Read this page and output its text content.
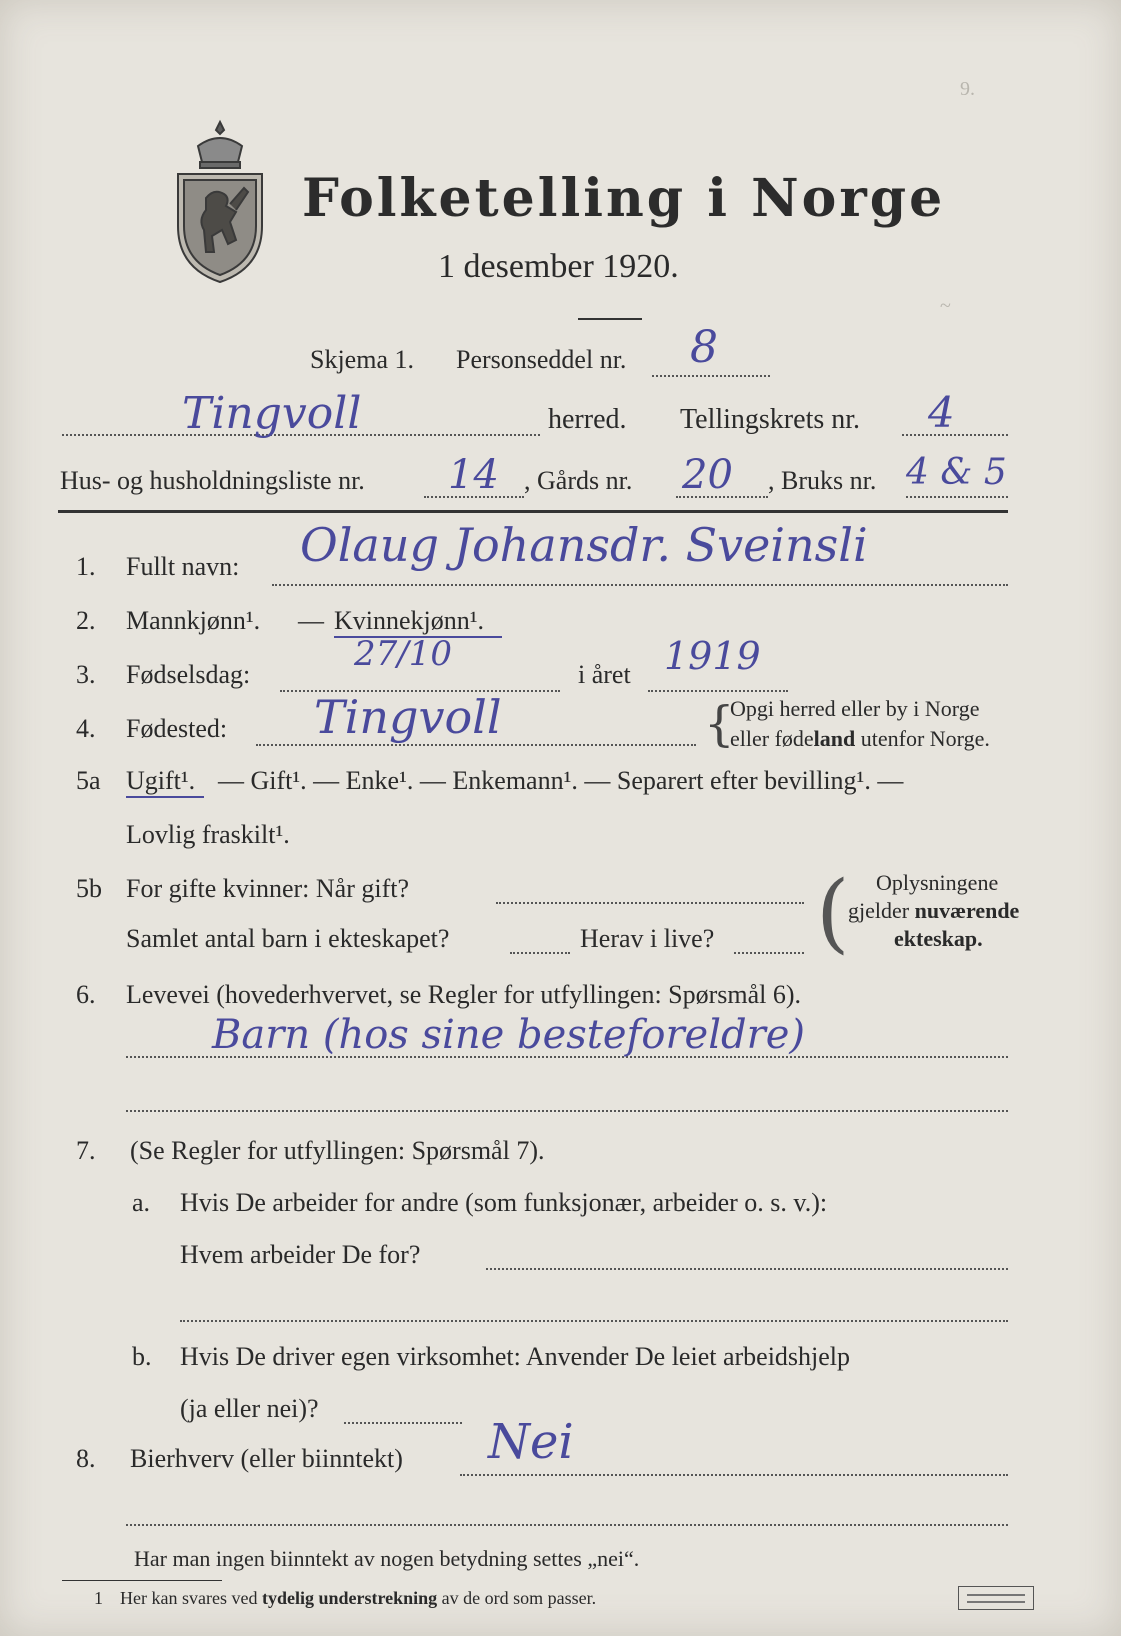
9.
~
Folketelling i Norge
1 desember 1920.
Skjema 1. Personseddel nr. 8
Tingvoll	herred. Tellingskrets nr. 4
Hus- og husholdningsliste nr. 14 , Gårds nr. 20 , Bruks nr. 4 & 5
1. Fullt navn: Olaug Johansdr. Sveinsli
2. Mannkjønn¹. — Kvinnekjønn¹.
3. Fødselsdag:
27/10
i året 1919
4. Fødested: Tingvoll	{
Opgi herred eller by i Norge
eller fødeland utenfor Norge.
5a Ugift¹. — Gift¹. — Enke¹. — Enkemann¹. — Separert efter bevilling¹. —
Lovlig fraskilt¹.
5b For gifte kvinner: Når gift?
Samlet antal barn i ekteskapet?	Herav i live? ( Oplysningene
gjelder nuværende
ekteskap.
6. Levevei (hovederhvervet, se Regler for utfyllingen: Spørsmål 6).
Barn (hos sine besteforeldre)
7. (Se Regler for utfyllingen: Spørsmål 7).
a. Hvis De arbeider for andre (som funksjonær, arbeider o. s. v.):
Hvem arbeider De for?
b. Hvis De driver egen virksomhet: Anvender De leiet arbeidshjelp
(ja eller nei)?
8. Bierhverv (eller biinntekt) Nei
Har man ingen biinntekt av nogen betydning settes „nei“.
1 Her kan svares ved tydelig understrekning av de ord som passer.
